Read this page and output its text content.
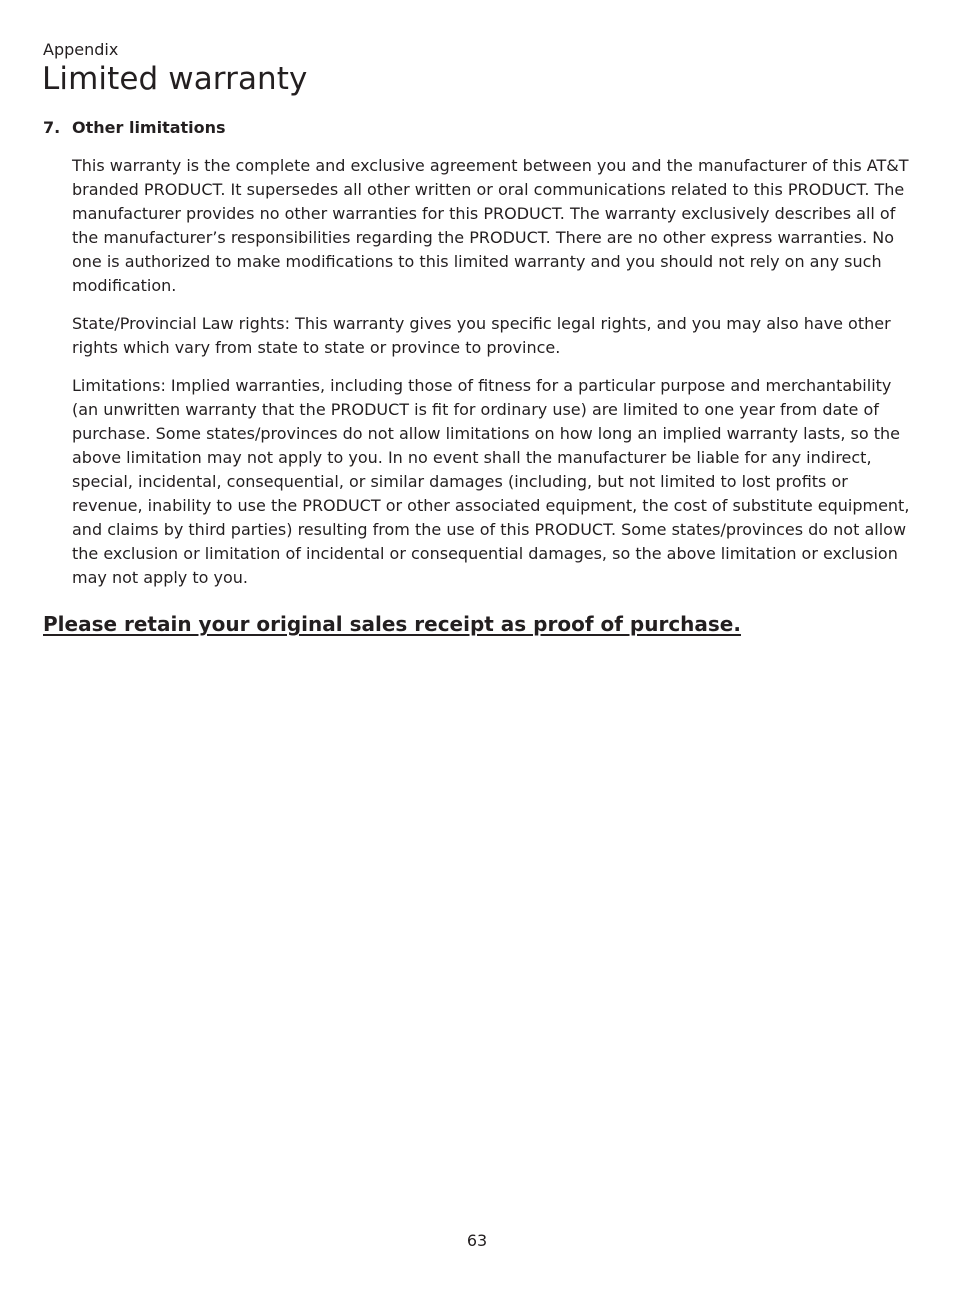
Appendix
Limited warranty
7. Other limitations

This warranty is the complete and exclusive agreement between you and the manufacturer of this AT&T branded PRODUCT. It supersedes all other written or oral communications related to this PRODUCT. The manufacturer provides no other warranties for this PRODUCT. The warranty exclusively describes all of the manufacturer’s responsibilities regarding the PRODUCT. There are no other express warranties. No one is authorized to make modifications to this limited warranty and you should not rely on any such modification.

State/Provincial Law rights: This warranty gives you specific legal rights, and you may also have other rights which vary from state to state or province to province.

Limitations: Implied warranties, including those of fitness for a particular purpose and merchantability (an unwritten warranty that the PRODUCT is fit for ordinary use) are limited to one year from date of purchase. Some states/provinces do not allow limitations on how long an implied warranty lasts, so the above limitation may not apply to you. In no event shall the manufacturer be liable for any indirect, special, incidental, consequential, or similar damages (including, but not limited to lost profits or revenue, inability to use the PRODUCT or other associated equipment, the cost of substitute equipment, and claims by third parties) resulting from the use of this PRODUCT. Some states/provinces do not allow the exclusion or limitation of incidental or consequential damages, so the above limitation or exclusion may not apply to you.

Please retain your original sales receipt as proof of purchase.
63
